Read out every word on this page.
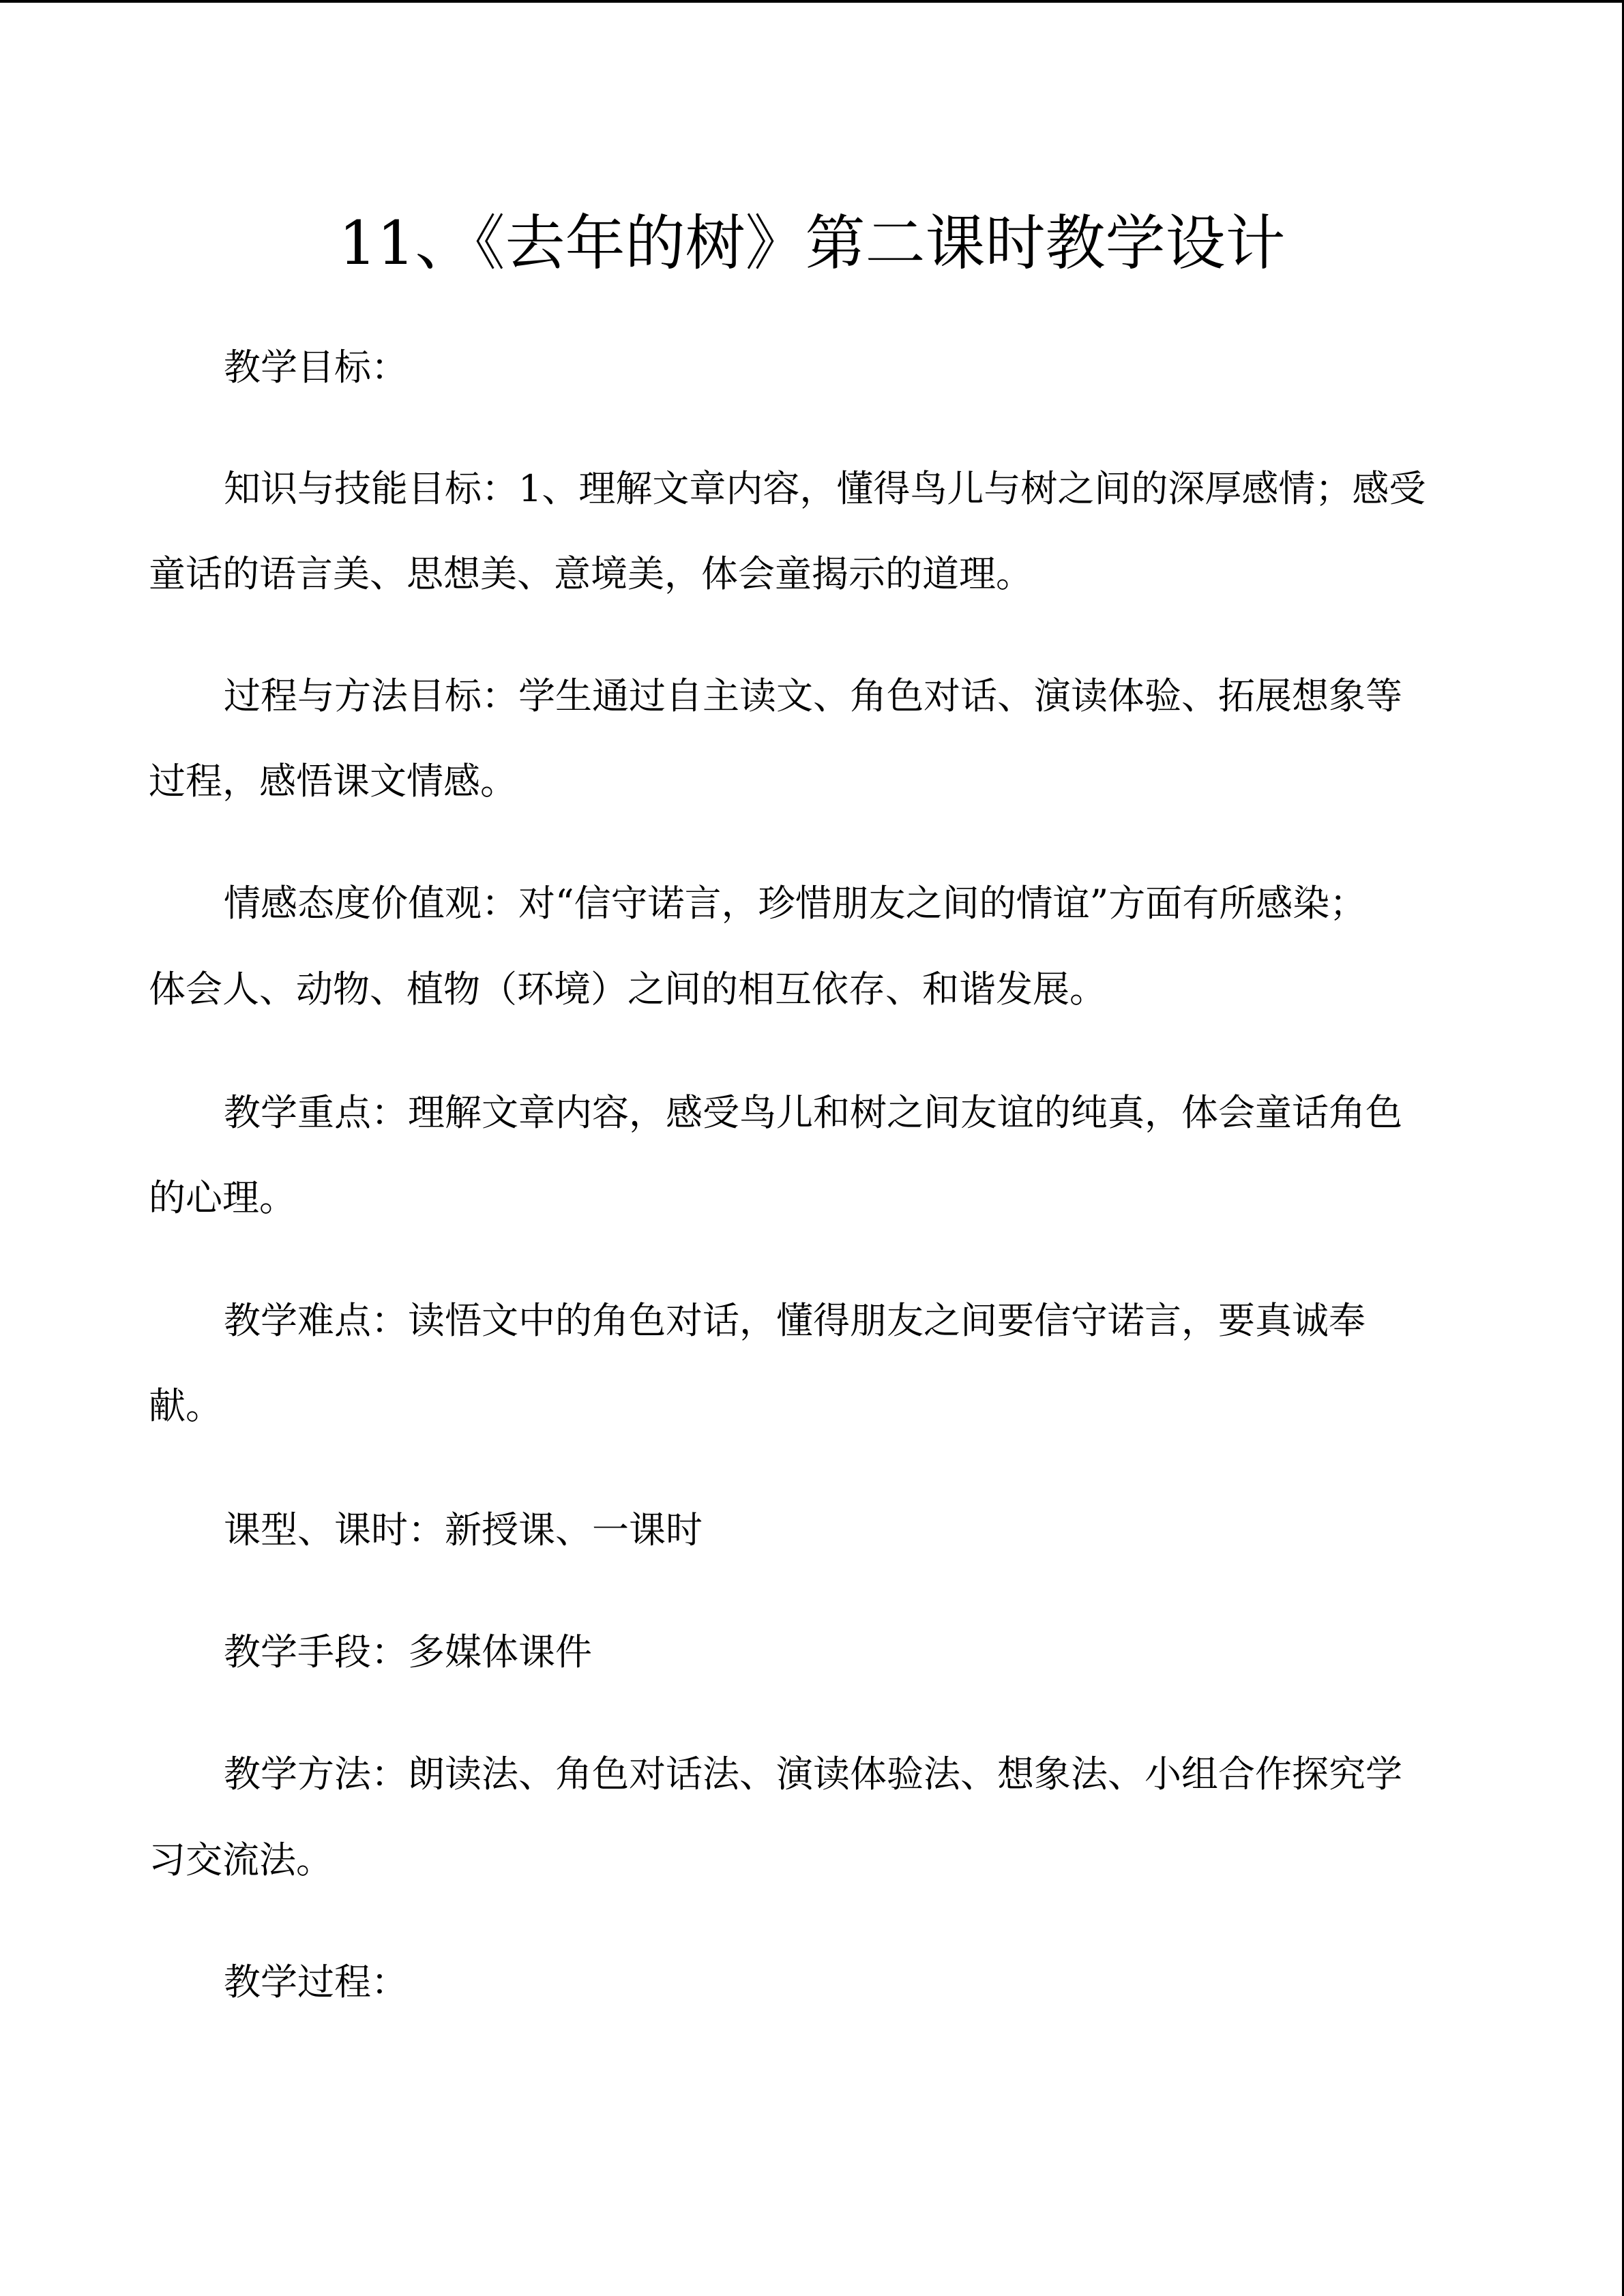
11、《去年的树》第二课时教学设计

教学目标：

知识与技能目标：1、理解文章内容，懂得鸟儿与树之间的深厚感情；感受

童话的语言美、思想美、意境美，体会童揭示的道理。

过程与方法目标：学生通过自主读文、角色对话、演读体验、拓展想象等

过程，感悟课文情感。

情感态度价值观：对“信守诺言，珍惜朋友之间的情谊”方面有所感染；

体会人、动物、植物（环境）之间的相互依存、和谐发展。

教学重点：理解文章内容，感受鸟儿和树之间友谊的纯真，体会童话角色

的心理。

教学难点：读悟文中的角色对话，懂得朋友之间要信守诺言，要真诚奉

献。

课型、课时：新授课、一课时

教学手段：多媒体课件

教学方法：朗读法、角色对话法、演读体验法、想象法、小组合作探究学

习交流法。

教学过程：
